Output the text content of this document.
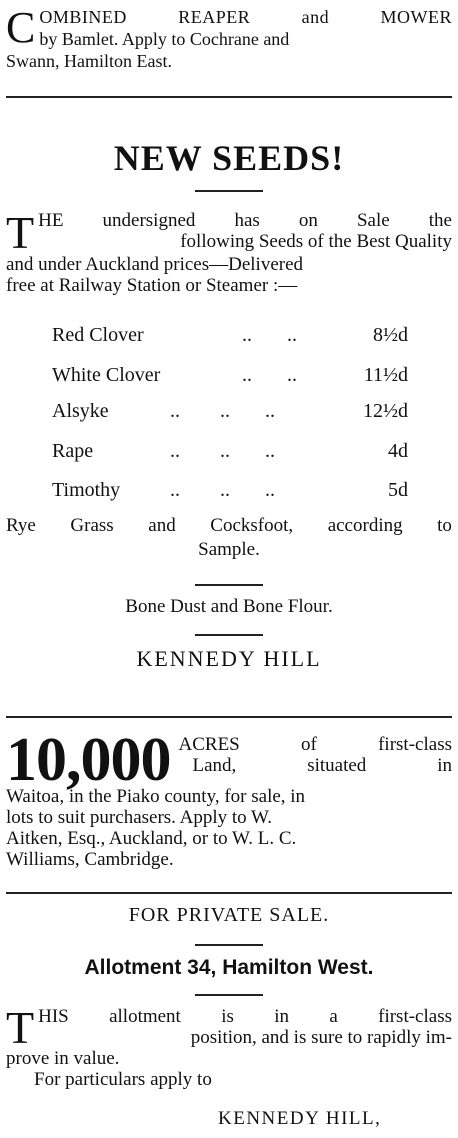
C OMBINED	REAPER	and	MOWER
by Bamlet. Apply to Cochrane and
Swann, Hamilton East.
NEW SEEDS!
T HE undersigned has on Sale the
following Seeds of the Best Quality
and under Auckland prices—Delivered
free at Railway Station or Steamer :—
Red Clover	..       ..	8½d
White Clover	..       ..	11½d
Alsyke	..        ..       ..	12½d
Rape	..        ..       ..	4d
Timothy ..        ..       ..	5d
Rye Grass and Cocksfoot, according to
Sample.
Bone Dust and Bone Flour.
KENNEDY HILL
10,000 ACRES	of	first-class
Land,	situated	in
Waitoa, in the Piako county, for sale, in
lots to suit purchasers. Apply to W.
Aitken, Esq., Auckland, or to W. L. C.
Williams, Cambridge.
FOR PRIVATE SALE.
Allotment 34, Hamilton West.
T HIS allotment is in a first-class
position, and is sure to rapidly im-
prove in value.
For particulars apply to
KENNEDY HILL,
